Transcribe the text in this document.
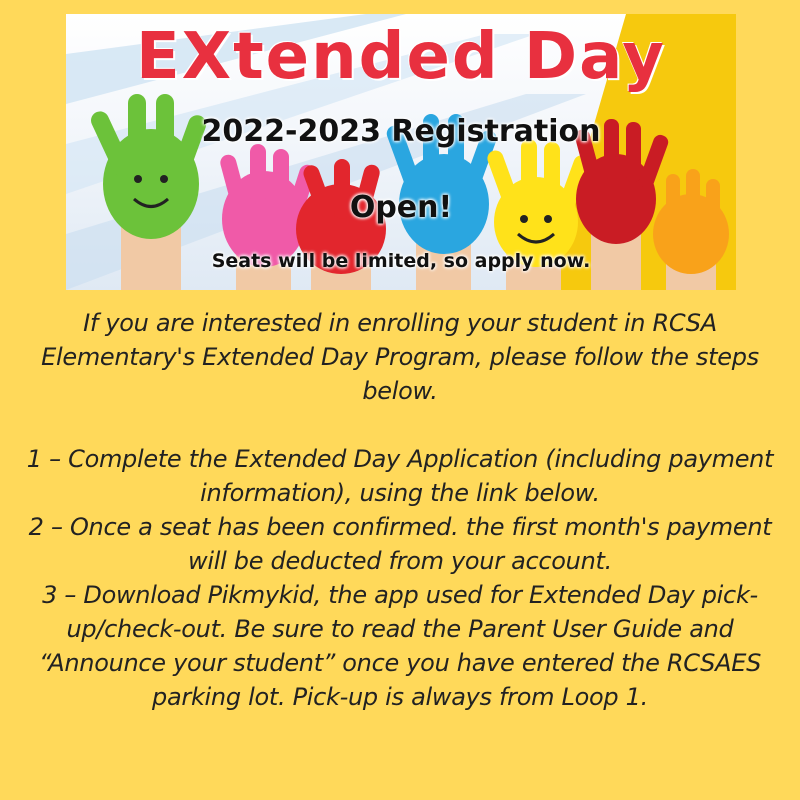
EXtended Day
2022-2023 Registration
Open!
Seats will be limited, so apply now.

If you are interested in enrolling your student in RCSA Elementary's Extended Day Program, please follow the steps below.

1 – Complete the Extended Day Application (including payment information), using the link below.

2 – Once a seat has been confirmed. the first month's payment will be deducted from your account.

3 – Download Pikmykid, the app used for Extended Day pick-up/check-out. Be sure to read the Parent User Guide and “Announce your student” once you have entered the RCSAES parking lot. Pick-up is always from Loop 1.
